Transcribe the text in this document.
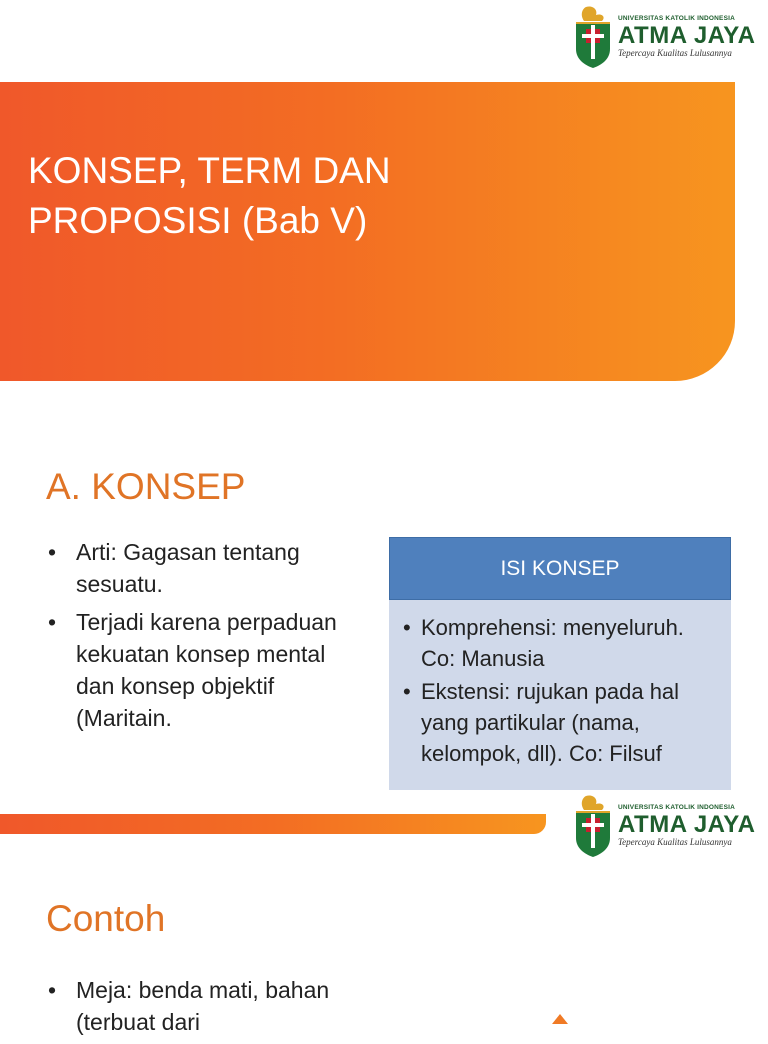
UNIVERSITAS KATOLIK INDONESIA
ATMA JAYA
Tepercaya Kualitas Lulusannya
KONSEP, TERM DAN
PROPOSISI (Bab V)
A. KONSEP
• Arti: Gagasan tentang sesuatu.
• Terjadi karena perpaduan kekuatan konsep mental dan konsep objektif (Maritain.
ISI KONSEP
• Komprehensi: menyeluruh. Co: Manusia
• Ekstensi: rujukan pada hal yang partikular (nama, kelompok, dll). Co: Filsuf
UNIVERSITAS KATOLIK INDONESIA
ATMA JAYA
Tepercaya Kualitas Lulusannya
Contoh
• Meja: benda mati, bahan (terbuat dari
